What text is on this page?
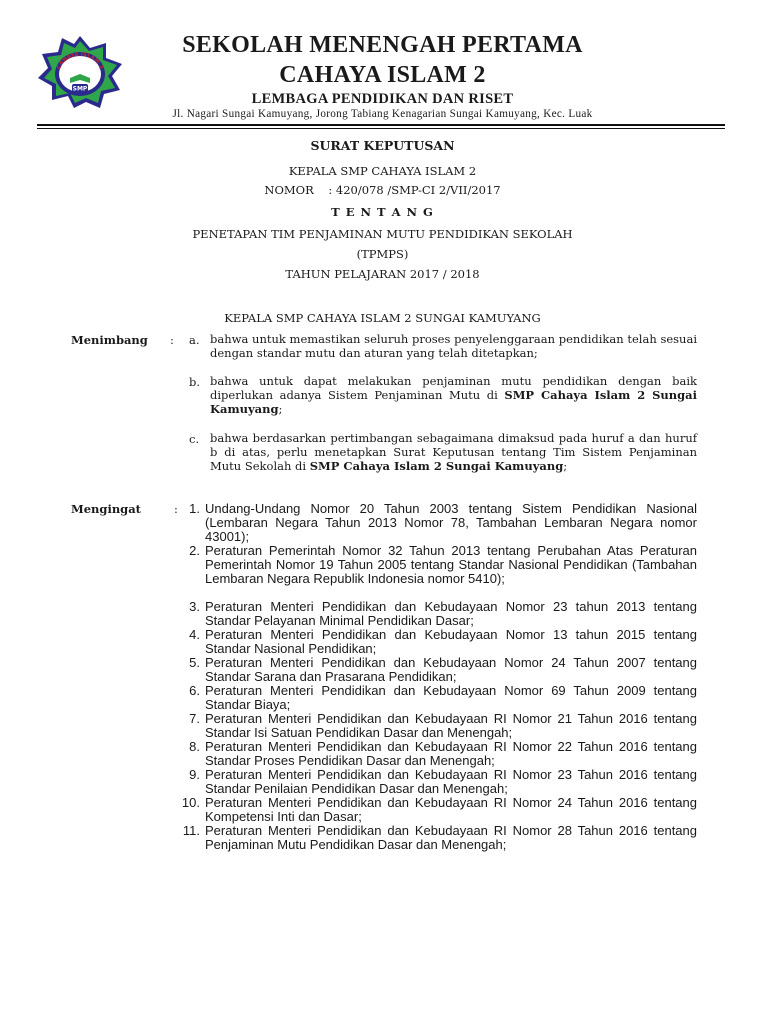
CAHAYA ISLAM 2
SMP
SEKOLAH MENENGAH PERTAMA
CAHAYA ISLAM 2
LEMBAGA PENDIDIKAN DAN RISET
Jl. Nagari Sungai Kamuyang, Jorong Tabiang Kenagarian Sungai Kamuyang, Kec. Luak
SURAT KEPUTUSAN
KEPALA SMP CAHAYA ISLAM 2
NOMOR    : 420/078 /SMP-CI 2/VII/2017
T E N T A N G
PENETAPAN TIM PENJAMINAN MUTU PENDIDIKAN SEKOLAH
(TPMPS)
TAHUN PELAJARAN 2017 / 2018
KEPALA SMP CAHAYA ISLAM 2 SUNGAI KAMUYANG
Menimbang : a. bahwa untuk memastikan seluruh proses penyelenggaraan pendidikan telah sesuai dengan standar mutu dan aturan yang telah ditetapkan;
b. bahwa untuk dapat melakukan penjaminan mutu pendidikan dengan baik diperlukan adanya Sistem Penjaminan Mutu di SMP Cahaya Islam 2 Sungai Kamuyang;
c. bahwa berdasarkan pertimbangan sebagaimana dimaksud pada huruf a dan huruf b di atas, perlu menetapkan Surat Keputusan tentang Tim Sistem Penjaminan Mutu Sekolah di SMP Cahaya Islam 2 Sungai Kamuyang;
Mengingat	: 1. Undang-Undang Nomor 20 Tahun 2003 tentang Sistem Pendidikan Nasional (Lembaran Negara Tahun 2013 Nomor 78, Tambahan Lembaran Negara nomor 43001);
2. Peraturan Pemerintah Nomor 32 Tahun 2013 tentang Perubahan Atas Peraturan Pemerintah Nomor 19 Tahun 2005 tentang Standar Nasional Pendidikan (Tambahan Lembaran Negara Republik Indonesia nomor 5410);
3. Peraturan Menteri Pendidikan dan Kebudayaan Nomor 23 tahun 2013 tentang Standar Pelayanan Minimal Pendidikan Dasar;
4. Peraturan Menteri Pendidikan dan Kebudayaan Nomor 13 tahun 2015 tentang Standar Nasional Pendidikan;
5. Peraturan Menteri Pendidikan dan Kebudayaan Nomor 24 Tahun 2007 tentang Standar Sarana dan Prasarana Pendidikan;
6. Peraturan Menteri Pendidikan dan Kebudayaan Nomor 69 Tahun 2009 tentang Standar Biaya;
7. Peraturan Menteri Pendidikan dan Kebudayaan RI Nomor 21 Tahun 2016 tentang Standar Isi Satuan Pendidikan Dasar dan Menengah;
8. Peraturan Menteri Pendidikan dan Kebudayaan RI Nomor 22 Tahun 2016 tentang Standar Proses Pendidikan Dasar dan Menengah;
9. Peraturan Menteri Pendidikan dan Kebudayaan RI Nomor 23 Tahun 2016 tentang Standar Penilaian Pendidikan Dasar dan Menengah;
10. Peraturan Menteri Pendidikan dan Kebudayaan RI Nomor 24 Tahun 2016 tentang Kompetensi Inti dan Dasar;
11. Peraturan Menteri Pendidikan dan Kebudayaan RI Nomor 28 Tahun 2016 tentang Penjaminan Mutu Pendidikan Dasar dan Menengah;
